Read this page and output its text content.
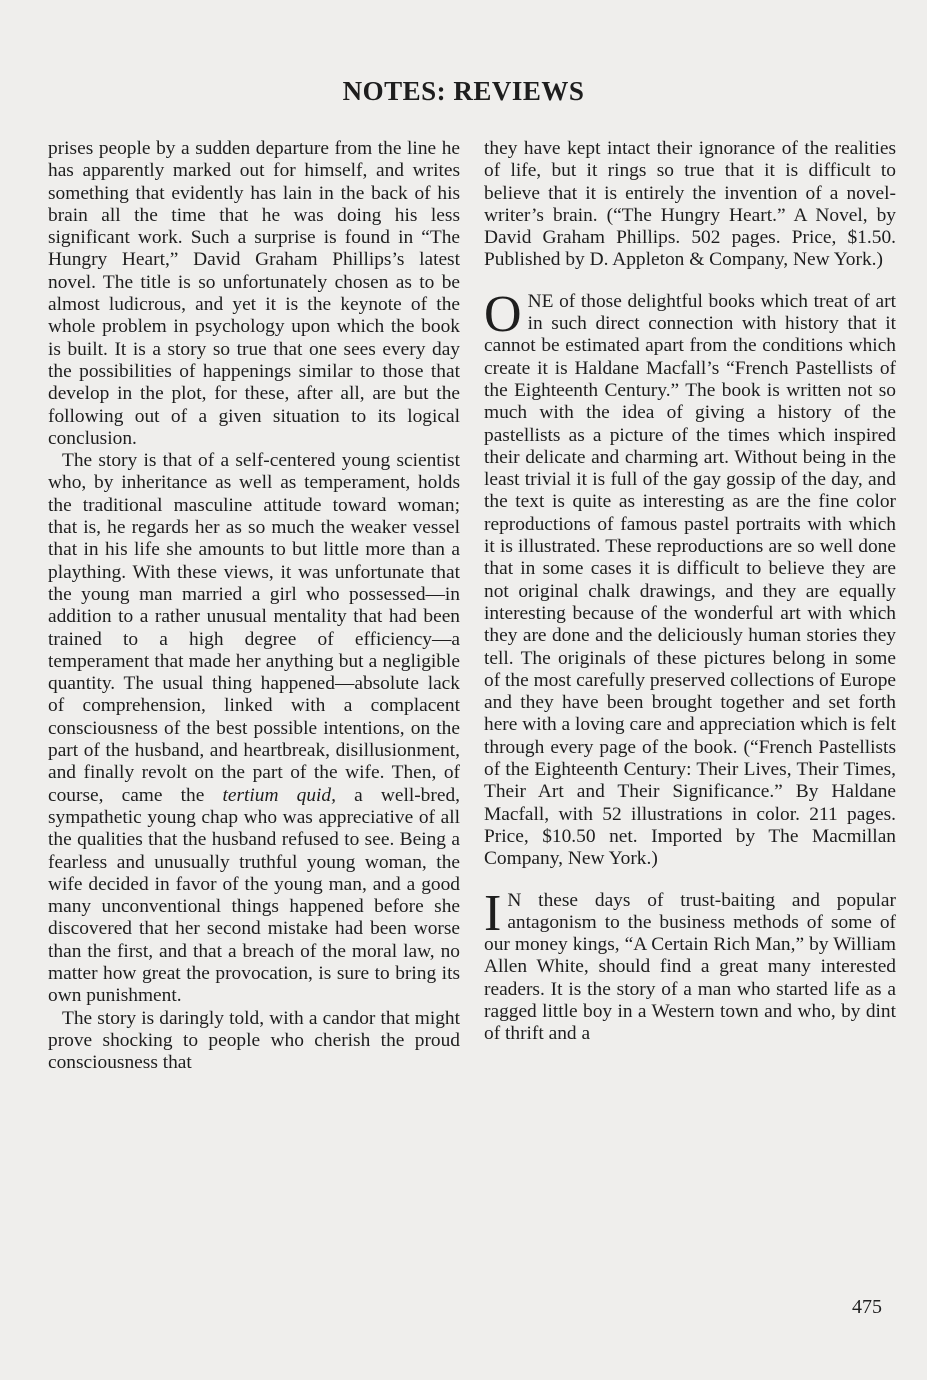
NOTES: REVIEWS

prises people by a sudden departure from the line he has apparently marked out for himself, and writes something that evidently has lain in the back of his brain all the time that he was doing his less significant work. Such a surprise is found in “The Hungry Heart,” David Graham Phillips’s latest novel. The title is so unfortunately chosen as to be almost ludicrous, and yet it is the keynote of the whole problem in psychology upon which the book is built. It is a story so true that one sees every day the possibilities of happenings similar to those that develop in the plot, for these, after all, are but the following out of a given situation to its logical conclusion.

The story is that of a self-centered young scientist who, by inheritance as well as temperament, holds the traditional masculine attitude toward woman; that is, he regards her as so much the weaker vessel that in his life she amounts to but little more than a plaything. With these views, it was unfortunate that the young man married a girl who possessed—in addition to a rather unusual mentality that had been trained to a high degree of efficiency—a temperament that made her anything but a negligible quantity. The usual thing happened—absolute lack of comprehension, linked with a complacent consciousness of the best possible intentions, on the part of the husband, and heartbreak, disillusionment, and finally revolt on the part of the wife. Then, of course, came the tertium quid, a well-bred, sympathetic young chap who was appreciative of all the qualities that the husband refused to see. Being a fearless and unusually truthful young woman, the wife decided in favor of the young man, and a good many unconventional things happened before she discovered that her second mistake had been worse than the first, and that a breach of the moral law, no matter how great the provocation, is sure to bring its own punishment.

The story is daringly told, with a candor that might prove shocking to people who cherish the proud consciousness that

they have kept intact their ignorance of the realities of life, but it rings so true that it is difficult to believe that it is entirely the invention of a novel-writer’s brain. (“The Hungry Heart.” A Novel, by David Graham Phillips. 502 pages. Price, $1.50. Published by D. Appleton & Company, New York.)

ONE of those delightful books which treat of art in such direct connection with history that it cannot be estimated apart from the conditions which create it is Haldane Macfall’s “French Pastellists of the Eighteenth Century.” The book is written not so much with the idea of giving a history of the pastellists as a picture of the times which inspired their delicate and charming art. Without being in the least trivial it is full of the gay gossip of the day, and the text is quite as interesting as are the fine color reproductions of famous pastel portraits with which it is illustrated. These reproductions are so well done that in some cases it is difficult to believe they are not original chalk drawings, and they are equally interesting because of the wonderful art with which they are done and the deliciously human stories they tell. The originals of these pictures belong in some of the most carefully preserved collections of Europe and they have been brought together and set forth here with a loving care and appreciation which is felt through every page of the book. (“French Pastellists of the Eighteenth Century: Their Lives, Their Times, Their Art and Their Significance.” By Haldane Macfall, with 52 illustrations in color. 211 pages. Price, $10.50 net. Imported by The Macmillan Company, New York.)

I N these days of trust-baiting and popular antagonism to the business methods of some of our money kings, “A Certain Rich Man,” by William Allen White, should find a great many interested readers. It is the story of a man who started life as a ragged little boy in a Western town and who, by dint of thrift and a

475
